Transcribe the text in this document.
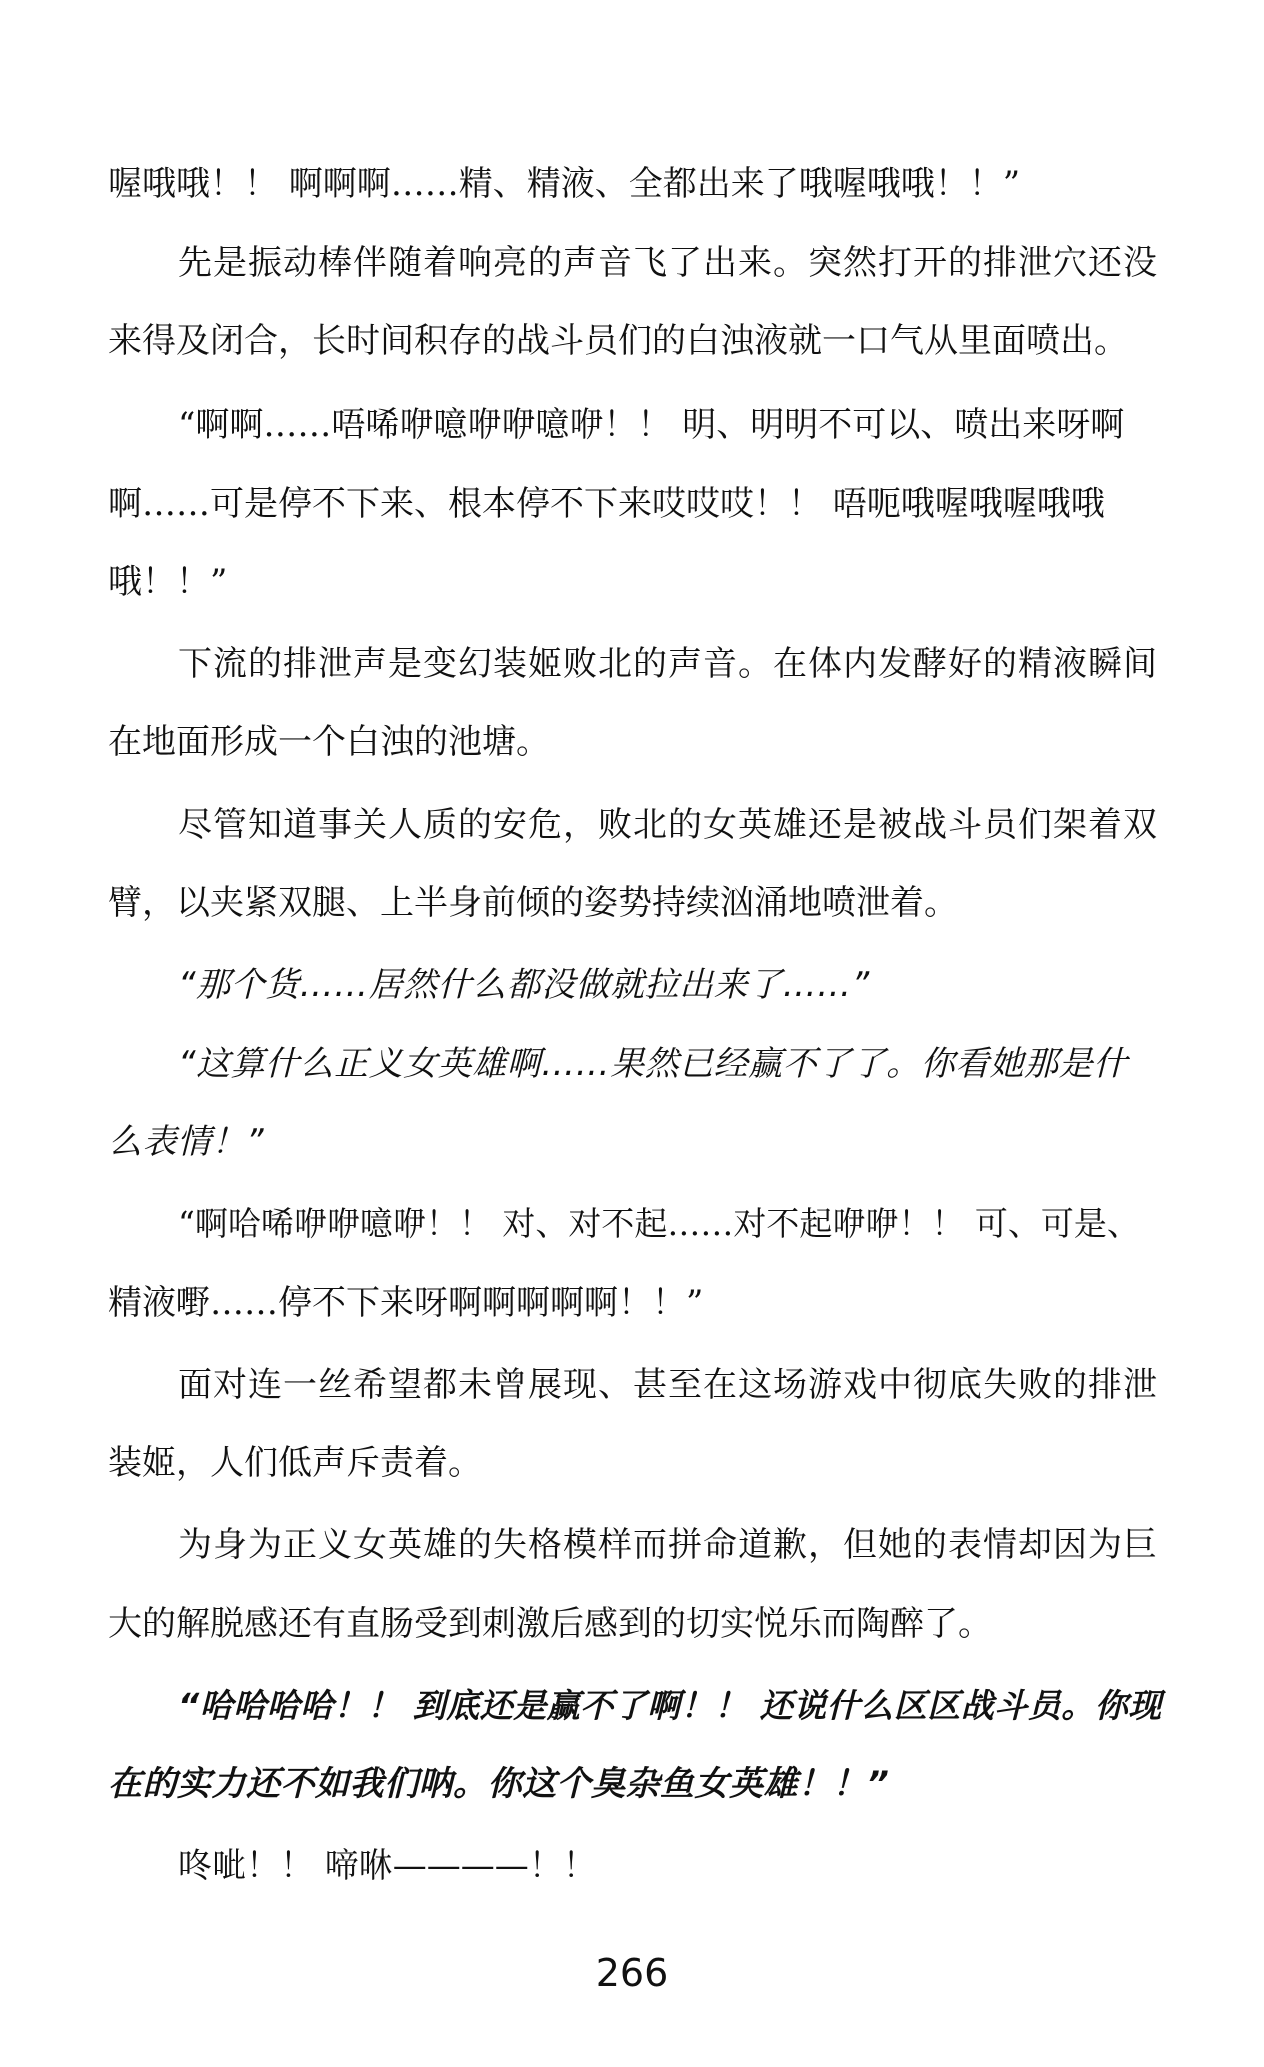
喔哦哦！！ 啊啊啊……精、精液、全都出来了哦喔哦哦！！”
先是振动棒伴随着响亮的声音飞了出来。突然打开的排泄穴还没
来得及闭合，长时间积存的战斗员们的白浊液就一口气从里面喷出。
“啊啊……唔唏咿噫咿咿噫咿！！ 明、明明不可以、喷出来呀啊
啊……可是停不下来、根本停不下来哎哎哎！！ 唔呃哦喔哦喔哦哦
哦！！”
下流的排泄声是变幻装姬败北的声音。在体内发酵好的精液瞬间
在地面形成一个白浊的池塘。
尽管知道事关人质的安危，败北的女英雄还是被战斗员们架着双
臂，以夹紧双腿、上半身前倾的姿势持续汹涌地喷泄着。
“那个货……居然什么都没做就拉出来了……”
“这算什么正义女英雄啊……果然已经赢不了了。你看她那是什
么表情！”
“啊哈唏咿咿噫咿！！ 对、对不起……对不起咿咿！！ 可、可是、
精液嘢……停不下来呀啊啊啊啊啊！！”
面对连一丝希望都未曾展现、甚至在这场游戏中彻底失败的排泄
装姬，人们低声斥责着。
为身为正义女英雄的失格模样而拼命道歉，但她的表情却因为巨
大的解脱感还有直肠受到刺激后感到的切实悦乐而陶醉了。
“哈哈哈哈！！ 到底还是赢不了啊！！ 还说什么区区战斗员。你现
在的实力还不如我们呐。你这个臭杂鱼女英雄！！”
咚呲！！ 啼咻————！！
266
